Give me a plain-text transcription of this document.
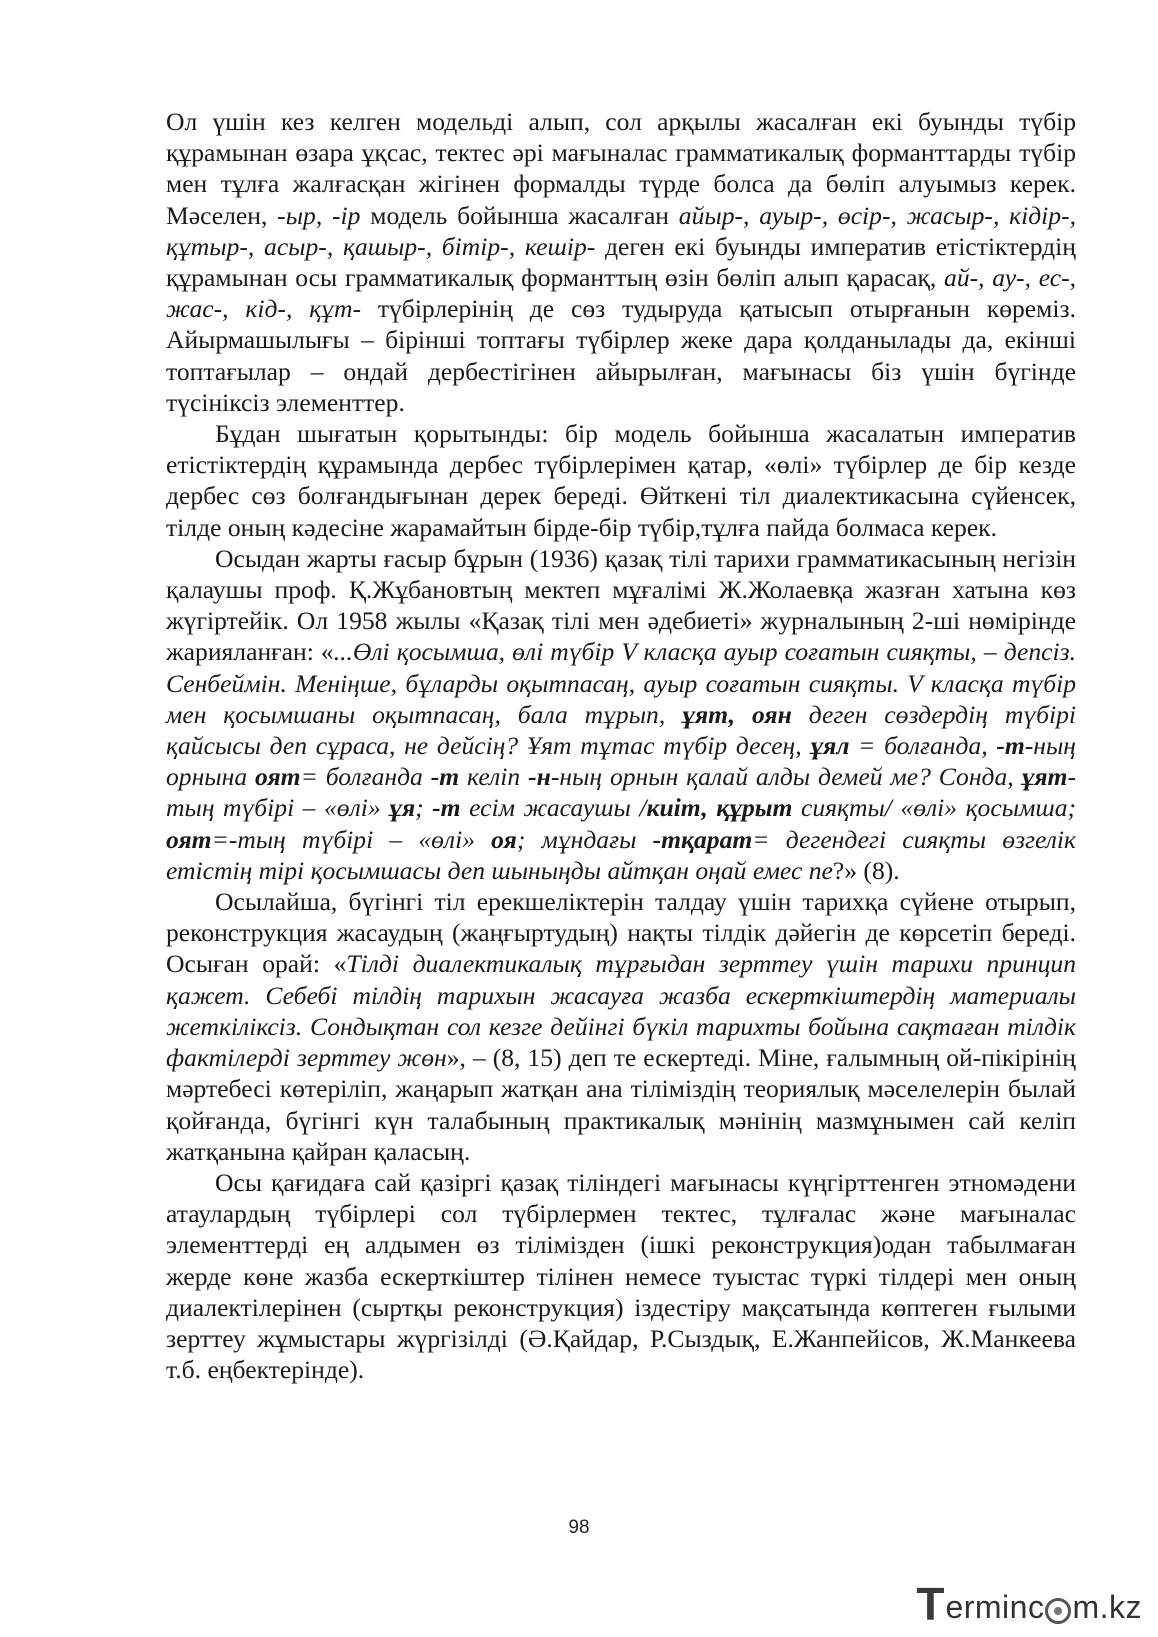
Ол үшін кез келген модельді алып, сол арқылы жасалған екі буынды түбір құрамынан өзара ұқсас, тектес әрі мағыналас грамматикалық форманттарды түбір мен тұлға жалғасқан жігінен формалды түрде болса да бөліп алуымыз керек. Мәселен, -ыр, -ір модель бойынша жасалған айыр-, ауыр-, өсір-, жасыр-, кідір-, құтыр-, асыр-, қашыр-, бітір-, кешір- деген екі буынды императив етістіктердің құрамынан осы грамматикалық форманттың өзін бөліп алып қарасақ, ай-, ау-, ес-, жас-, кід-, құт- түбірлерінің де сөз тудыруда қатысып отырғанын көреміз. Айырмашылығы – бірінші топтағы түбірлер жеке дара қолданылады да, екінші топтағылар – ондай дербестігінен айырылған, мағынасы біз үшін бүгінде түсініксіз элементтер.

Бұдан шығатын қорытынды: бір модель бойынша жасалатын императив етістіктердің құрамында дербес түбірлерімен қатар, «өлі» түбірлер де бір кезде дербес сөз болғандығынан дерек береді. Өйткені тіл диалектикасына сүйенсек, тілде оның кәдесіне жарамайтын бірде-бір түбір,тұлға пайда болмаса керек.

Осыдан жарты ғасыр бұрын (1936) қазақ тілі тарихи грамматикасының негізін қалаушы проф. Қ.Жұбановтың мектеп мұғалімі Ж.Жолаевқа жазған хатына көз жүгіртейік. Ол 1958 жылы «Қазақ тілі мен әдебиеті» журналының 2-ші нөмірінде жарияланған: «...Өлі қосымша, өлі түбір V класқа ауыр соғатын сияқты, – депсіз. Сенбеймін. Меніңше, бұларды оқытпасаң, ауыр соғатын сияқты. V класқа түбір мен қосымшаны оқытпасаң, бала тұрып, ұят, оян деген сөздердің түбірі қайсысы деп сұраса, не дейсің? Ұят тұтас түбір десең, ұял = болғанда, -т-ның орнына оят= болғанда -т келіп -н-ның орнын қалай алды демей ме? Сонда, ұят-тың түбірі – «өлі» ұя; -т есім жасаушы /киіт, құрыт сияқты/ «өлі» қосымша; оят=-тың түбірі – «өлі» оя; мұндағы -тқарат= дегендегі сияқты өзгелік етістің тірі қосымшасы деп шыныңды айтқан оңай емес пе?» (8).

Осылайша, бүгінгі тіл ерекшеліктерін талдау үшін тарихқа сүйене отырып, реконструкция жасаудың (жаңғыртудың) нақты тілдік дәйегін де көрсетіп береді. Осыған орай: «Тілді диалектикалық тұрғыдан зерттеу үшін тарихи принцип қажет. Себебі тілдің тарихын жасауға жазба ескерткіштердің материалы жеткіліксіз. Сондықтан сол кезге дейінгі бүкіл тарихты бойына сақтаған тілдік фактілерді зерттеу жөн», – (8, 15) деп те ескертеді. Міне, ғалымның ой-пікірінің мәртебесі көтеріліп, жаңарып жатқан ана тіліміздің теориялық мәселелерін былай қойғанда, бүгінгі күн талабының практикалық мәнінің мазмұнымен сай келіп жатқанына қайран қаласың.

Осы қағидаға сай қазіргі қазақ тіліндегі мағынасы күңгірттенген этномәдени атаулардың түбірлері сол түбірлермен тектес, тұлғалас және мағыналас элементтерді ең алдымен өз тілімізден (ішкі реконструкция)одан табылмаған жерде көне жазба ескерткіштер тілінен немесе туыстас түркі тілдері мен оның диалектілерінен (сыртқы реконструкция) іздестіру мақсатында көптеген ғылыми зерттеу жұмыстары жүргізілді (Ә.Қайдар, Р.Сыздық, Е.Жанпейісов, Ж.Манкеева т.б. еңбектерінде).

98
T erminc m.kz
